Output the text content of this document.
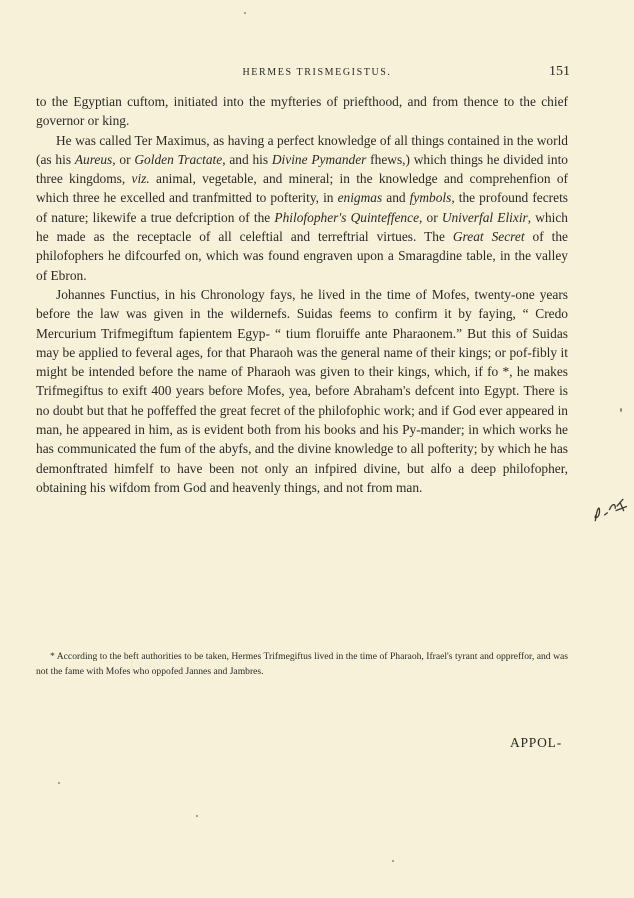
HERMES TRISMEGISTUS.	151

to the Egyptian cuftom, initiated into the myfteries of priefthood, and from thence to the chief governor or king.

He was called Ter Maximus, as having a perfect knowledge of all things contained in the world (as his Aureus, or Golden Tractate, and his Divine Pymander fhews,) which things he divided into three kingdoms, viz. animal, vegetable, and mineral; in the knowledge and comprehenfion of which three he excelled and tranfmitted to pofterity, in enigmas and fymbols, the profound fecrets of nature; likewife a true defcription of the Philofopher's Quinteffence, or Univerfal Elixir, which he made as the receptacle of all celeftial and terreftrial virtues. The Great Secret of the philofophers he difcourfed on, which was found engraven upon a Smaragdine table, in the valley of Ebron.

Johannes Functius, in his Chronology fays, he lived in the time of Mofes, twenty-one years before the law was given in the wildernefs. Suidas feems to confirm it by faying, “ Credo Mercurium Trifmegiftum fapientem Egyp- “ tium floruiffe ante Pharaonem.” But this of Suidas may be applied to feveral ages, for that Pharaoh was the general name of their kings; or pof-fibly it might be intended before the name of Pharaoh was given to their kings, which, if fo *, he makes Trifmegiftus to exift 400 years before Mofes, yea, before Abraham's defcent into Egypt. There is no doubt but that he poffeffed the great fecret of the philofophic work; and if God ever appeared in man, he appeared in him, as is evident both from his books and his Py-mander; in which works he has communicated the fum of the abyfs, and the divine knowledge to all pofterity; by which he has demonftrated himfelf to have been not only an infpired divine, but alfo a deep philofopher, obtaining his wifdom from God and heavenly things, and not from man.

* According to the beft authorities to be taken, Hermes Trifmegiftus lived in the time of Pharaoh, Ifrael's tyrant and oppreffor, and was not the fame with Mofes who oppofed Jannes and Jambres.

APPOL-
